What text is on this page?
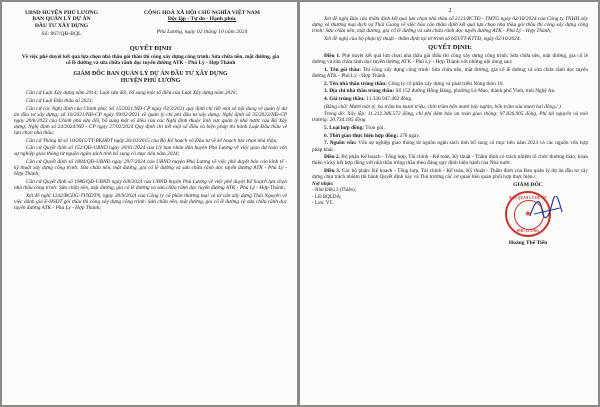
UBND HUYỆN PHÚ LƯƠNG
BAN QUẢN LÝ DỰ ÁN
ĐẦU TƯ XÂY DỰNG
Số: 867/QĐ-BQL
CỘNG HOÀ XÃ HỘI CHỦ NGHĨA VIỆT NAM
Độc lập - Tự do - Hạnh phúc
Phú Lương, ngày 02 tháng 10 năm 2024
QUYẾT ĐỊNH
Về việc phê duyệt kết quả lựa chọn nhà thầu gói thầu thi công xây dựng công trình: Sửa chữa nền, mặt đường, gia cố lề đường và sửa chữa rãnh dọc tuyến đường ATK - Phú Lý - Hợp Thành
GIÁM ĐỐC BAN QUẢN LÝ DỰ ÁN ĐẦU TƯ XÂY DỰNG
HUYỆN PHÚ LƯƠNG
Căn cứ Luật Xây dựng năm 2014; Luật sửa đổi, bổ sung một số điều của Luật Xây dựng năm 2020;
Căn cứ Luật Đấu thầu số 2023;
Căn cứ các Nghị định của Chính phủ: Số 15/2021/NĐ-CP ngày 03/3/2021 quy định chi tiết một số nội dung về quản lý dự án đầu tư xây dựng; số 10/2021/NĐ-CP ngày 09/02/2021 về quản lý chi phí đầu tư xây dựng; Nghị định số 35/2023/NĐ-CP ngày 20/6/2023 của Chính phủ sửa đổi, bổ sung một số điều của các Nghị định thuộc lĩnh vực quản lý nhà nước của Bộ Xây dựng; Nghị định số 24/2024/NĐ - CP ngày 27/02/2024 Quy định chi tiết một số điều và biện pháp thi hành Luật Đấu thầu về lựa chọn nhà thầu;
Căn cứ Thông tư số 10/2015/TT-BKHĐT ngày 26/10/2015 của Bộ Kế hoạch và Đầu tư về kế hoạch lựa chọn nhà thầu;
Căn cứ Quyết định số 152/QĐ-UBND ngày 30/01/2024 của Uỷ ban nhân dân huyện Phú Lương về việc giao dự toán vốn sự nghiệp giao thông từ nguồn ngân sách tỉnh bổ sung có mục tiêu năm 2024;
Căn cứ Quyết định số 1804/QĐ-UBND ngày 29/7/2024 của UBND huyện Phú Lương về việc phê duyệt báo cáo kinh tế - kỹ thuật xây dựng công trình: Sửa chữa nền, mặt đường, gia cố lề đường và sửa chữa rãnh dọc tuyến đường ATK - Phú Lý - Hợp Thành;
Căn cứ Quyết định số 1986/QĐ-UBND ngày 6/8/2024 của UBND huyện Phú Lương về việc phê duyệt Kế hoạch lựa chọn nhà thầu công trình: Sửa chữa nền, mặt đường, gia cố lề đường và sửa chữa rãnh dọc tuyến đường ATK - Phú Lý - Hợp Thành;
Xét đề nghị 1242/BCĐG-TVXDTN, ngày 30/9/2024 của Công ty cổ phần thương mại và tư vấn xây dựng Thái Nguyên về việc đánh giá E-HSDT gói thầu thi công xây dựng công trình: Sửa chữa nền, mặt đường, gia cố lề đường và sửa chữa rãnh dọc tuyến đường ATK - Phú Lý - Hợp Thành;
2
Xét đề nghị Báo cáo thẩm định kết quả lựa chọn nhà thầu số 2121/BCTĐ - TMTG ngày 02/10/2024 của Công ty TNHH xây dựng và thương mại dịch vụ Thái Giang về việc báo cáo thẩm định kết quả lựa chọn nhà thầu gói thầu thi công xây dựng công trình: Sửa chữa nền, mặt đường, gia cố lề đường và sửa chữa rãnh dọc tuyến đường ATK - Phú Lý - Hợp Thành;
Xét đề nghị của bộ phận kỹ thuật - thẩm định tại tờ trình số 603/TT-KTTĐ, ngày 02/10/2024.
QUYẾT ĐỊNH:
Điều 1. Phê duyệt kết quả lựa chọn nhà thầu gói thầu thi công xây dựng công trình: Sửa chữa nền, mặt đường, gia cố lề đường và sửa chữa rãnh dọc tuyến đường ATK - Phú Lý - Hợp Thành với những nội dung sau:
1. Tên gói thầu: Thi công xây dựng công trình: Sửa chữa nền, mặt đường, gia cố lề đường và sửa chữa rãnh dọc tuyến đường ATK - Phú Lý - Hợp Thành.
2. Tên nhà thầu trúng thầu: Công ty cổ phần xây dựng và phát triển Nông thôn 10.
3. Địa chỉ nhà thầu trúng thầu: Số 152 đường Hồng Bàng, phường Lê Mao, thành phố Vinh, tỉnh Nghệ An.
4. Giá trúng thầu: 11.330.947.462 đồng.
(Bằng chữ: Mười một tỷ, ba trăm ba mươi triệu, chín trăm bốn mươi bảy nghìn, bốn trăm sáu mươi hai đồng./.)
Trong đó: Xây lắp: 11.212.386.572 đồng, chi phí đảm bảo an toàn giao thông: 97.826.905 đồng, Phí tái nguyên và môi trường: 20.734.185 đồng.
5. Loại hợp đồng: Trọn gói.
6. Thời gian thực hiện hợp đồng: 270 ngày.
7. Nguồn vốn: Vốn sự nghiệp giao thông từ nguồn ngân sách tỉnh bổ sung có mục tiêu năm 2024 và các nguồn vốn hợp pháp khác.
Điều 2. Bộ phận Kế hoạch - Tổng hợp, Tài chính - Kế toán, Kỹ thuật - Thẩm định có trách nhiệm tổ chức thương thảo, hoàn thiện và ký kết hợp đồng với nhà thầu trúng thầu theo đúng quy định hiện hành của Nhà nước.
Điều 3. Các bộ phận: Kế hoạch - Tổng hợp, Tài chính - Kế toán, Kỹ thuật - Thẩm định của Ban quản lý dự án đầu tư xây dựng chịu trách nhiệm thi hành Quyết định này và Thủ trưởng các cơ quan liên quan phối hợp thực hiện./.
Nơi nhận:
- Như Điều 3 (Thiện);
- LĐ BQLDA;
- Lưu: VT.
GIÁM ĐỐC
BAN QUẢN LÝ DỰ ÁN
★
PHÚ LƯƠNG
Hoàng Thế Tiến
